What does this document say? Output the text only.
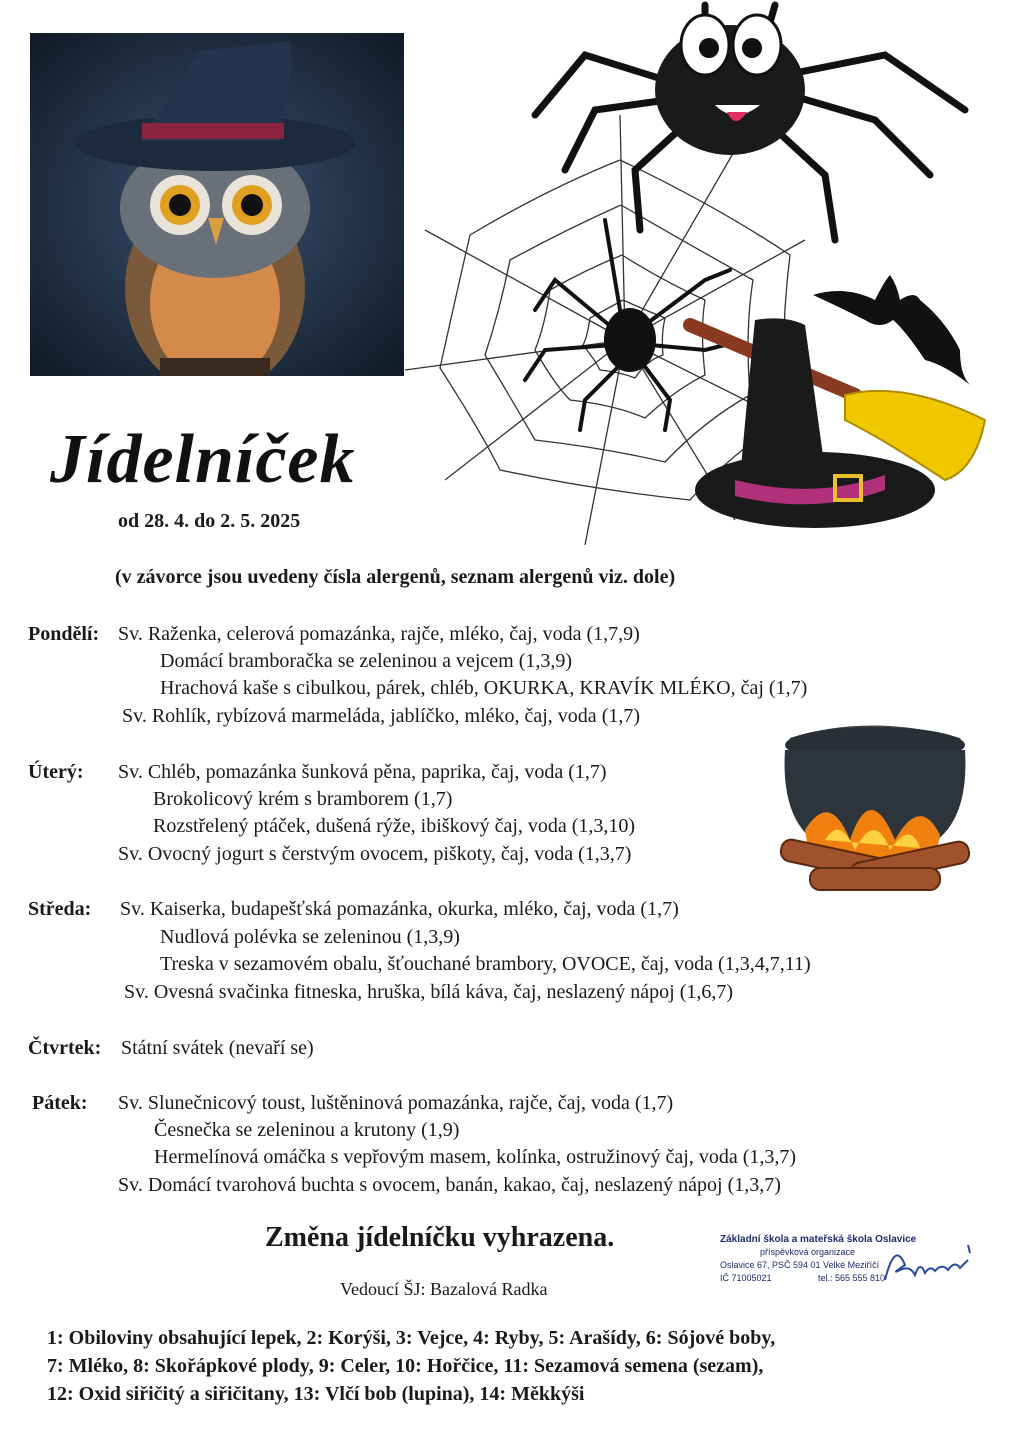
Jídelníček
od 28. 4. do 2. 5. 2025
(v závorce jsou uvedeny čísla alergenů, seznam alergenů viz. dole)
Pondělí: Sv. Raženka, celerová pomazánka, rajče, mléko, čaj, voda (1,7,9)
Domácí bramboračka se zeleninou a vejcem (1,3,9)
Hrachová kaše s cibulkou, párek, chléb, OKURKA, KRAVÍK MLÉKO, čaj (1,7)
Sv. Rohlík, rybízová marmeláda, jablíčko, mléko, čaj, voda (1,7)
Úterý: Sv. Chléb, pomazánka šunková pěna, paprika, čaj, voda (1,7)
Brokolicový krém s bramborem (1,7)
Rozstřelený ptáček, dušená rýže, ibiškový čaj, voda (1,3,10)
Sv. Ovocný jogurt s čerstvým ovocem, piškoty, čaj, voda (1,3,7)
Středa: Sv. Kaiserka, budapešťská pomazánka, okurka, mléko, čaj, voda (1,7)
Nudlová polévka se zeleninou (1,3,9)
Treska v sezamovém obalu, šťouchané brambory, OVOCE, čaj, voda (1,3,4,7,11)
Sv. Ovesná svačinka fitneska, hruška, bílá káva, čaj, neslazený nápoj (1,6,7)
Čtvrtek: Státní svátek (nevaří se)
Pátek: Sv. Slunečnicový toust, luštěninová pomazánka, rajče, čaj, voda (1,7)
Česnečka se zeleninou a krutony (1,9)
Hermelínová omáčka s vepřovým masem, kolínka, ostružinový čaj, voda (1,3,7)
Sv. Domácí tvarohová buchta s ovocem, banán, kakao, čaj, neslazený nápoj (1,3,7)
Změna jídelníčku vyhrazena.
Vedoucí ŠJ: Bazalová Radka
Základní škola a mateřská škola Oslavice
příspěvková organizace
Oslavice 67, PSČ 594 01 Velké Meziříčí
IČ 71005021	tel.: 565 555 810
1: Obiloviny obsahující lepek, 2: Korýši, 3: Vejce, 4: Ryby, 5: Arašídy, 6: Sójové boby,
7: Mléko, 8: Skořápkové plody, 9: Celer, 10: Hořčice, 11: Sezamová semena (sezam),
12: Oxid siřičitý a siřičitany, 13: Vlčí bob (lupina), 14: Měkkýši
